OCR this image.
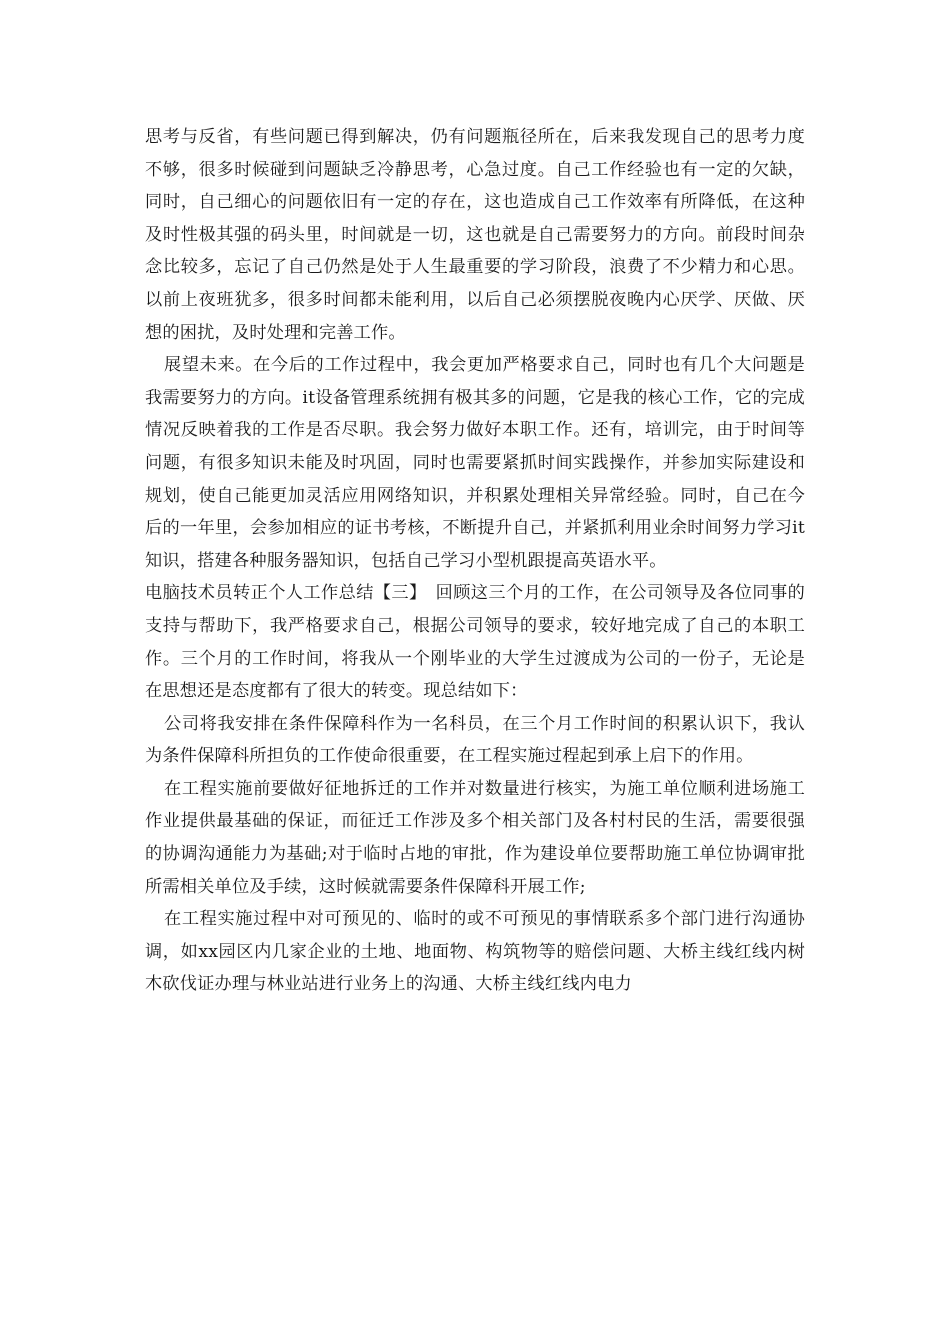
思考与反省，有些问题已得到解决，仍有问题瓶径所在，后来我发现自己的思考力度不够，很多时候碰到问题缺乏冷静思考，心急过度。自己工作经验也有一定的欠缺，同时，自己细心的问题依旧有一定的存在，这也造成自己工作效率有所降低，在这种及时性极其强的码头里，时间就是一切，这也就是自己需要努力的方向。前段时间杂念比较多，忘记了自己仍然是处于人生最重要的学习阶段，浪费了不少精力和心思。以前上夜班犹多，很多时间都未能利用，以后自己必须摆脱夜晚内心厌学、厌做、厌想的困扰，及时处理和完善工作。

展望未来。在今后的工作过程中，我会更加严格要求自己，同时也有几个大问题是我需要努力的方向。it设备管理系统拥有极其多的问题，它是我的核心工作，它的完成情况反映着我的工作是否尽职。我会努力做好本职工作。还有，培训完，由于时间等问题，有很多知识未能及时巩固，同时也需要紧抓时间实践操作，并参加实际建设和规划，使自己能更加灵活应用网络知识，并积累处理相关异常经验。同时，自己在今后的一年里，会参加相应的证书考核，不断提升自己，并紧抓利用业余时间努力学习it知识，搭建各种服务器知识，包括自己学习小型机跟提高英语水平。

电脑技术员转正个人工作总结【三】　回顾这三个月的工作，在公司领导及各位同事的支持与帮助下，我严格要求自己，根据公司领导的要求，较好地完成了自己的本职工作。三个月的工作时间，将我从一个刚毕业的大学生过渡成为公司的一份子，无论是在思想还是态度都有了很大的转变。现总结如下：

公司将我安排在条件保障科作为一名科员，在三个月工作时间的积累认识下，我认为条件保障科所担负的工作使命很重要，在工程实施过程起到承上启下的作用。

在工程实施前要做好征地拆迁的工作并对数量进行核实，为施工单位顺利进场施工作业提供最基础的保证，而征迁工作涉及多个相关部门及各村村民的生活，需要很强的协调沟通能力为基础;对于临时占地的审批，作为建设单位要帮助施工单位协调审批所需相关单位及手续，这时候就需要条件保障科开展工作;

在工程实施过程中对可预见的、临时的或不可预见的事情联系多个部门进行沟通协调，如xx园区内几家企业的土地、地面物、构筑物等的赔偿问题、大桥主线红线内树木砍伐证办理与林业站进行业务上的沟通、大桥主线红线内电力
